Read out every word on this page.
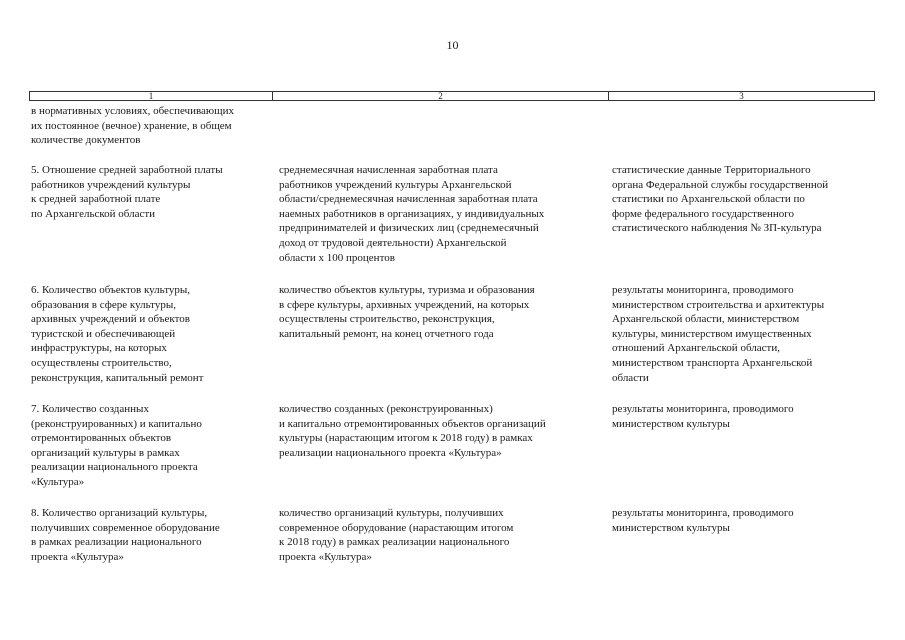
10
1	2	3
в нормативных условиях, обеспечивающих
их постоянное (вечное) хранение, в общем
количестве документов
5. Отношение средней заработной платы
работников учреждений культуры
к средней заработной плате
по Архангельской области
среднемесячная начисленная заработная плата
работников учреждений культуры Архангельской
области/среднемесячная начисленная заработная плата
наемных работников в организациях, у индивидуальных
предпринимателей и физических лиц (среднемесячный
доход от трудовой деятельности) Архангельской
области х 100 процентов
статистические данные Территориального
органа Федеральной службы государственной
статистики по Архангельской области по
форме федерального государственного
статистического наблюдения № ЗП-культура
6. Количество объектов культуры,
образования в сфере культуры,
архивных учреждений и объектов
туристской и обеспечивающей
инфраструктуры, на которых
осуществлены строительство,
реконструкция, капитальный ремонт
количество объектов культуры, туризма и образования
в сфере культуры, архивных учреждений, на которых
осуществлены строительство, реконструкция,
капитальный ремонт, на конец отчетного года
результаты мониторинга, проводимого
министерством строительства и архитектуры
Архангельской области, министерством
культуры, министерством имущественных
отношений Архангельской области,
министерством транспорта Архангельской
области
7. Количество созданных
(реконструированных) и капитально
отремонтированных объектов
организаций культуры в рамках
реализации национального проекта
«Культура»
количество созданных (реконструированных)
и капитально отремонтированных объектов организаций
культуры (нарастающим итогом к 2018 году) в рамках
реализации национального проекта «Культура»
результаты мониторинга, проводимого
министерством культуры
8. Количество организаций культуры,
получивших современное оборудование
в рамках реализации национального
проекта «Культура»
количество организаций культуры, получивших
современное оборудование (нарастающим итогом
к 2018 году) в рамках реализации национального
проекта «Культура»
результаты мониторинга, проводимого
министерством культуры
